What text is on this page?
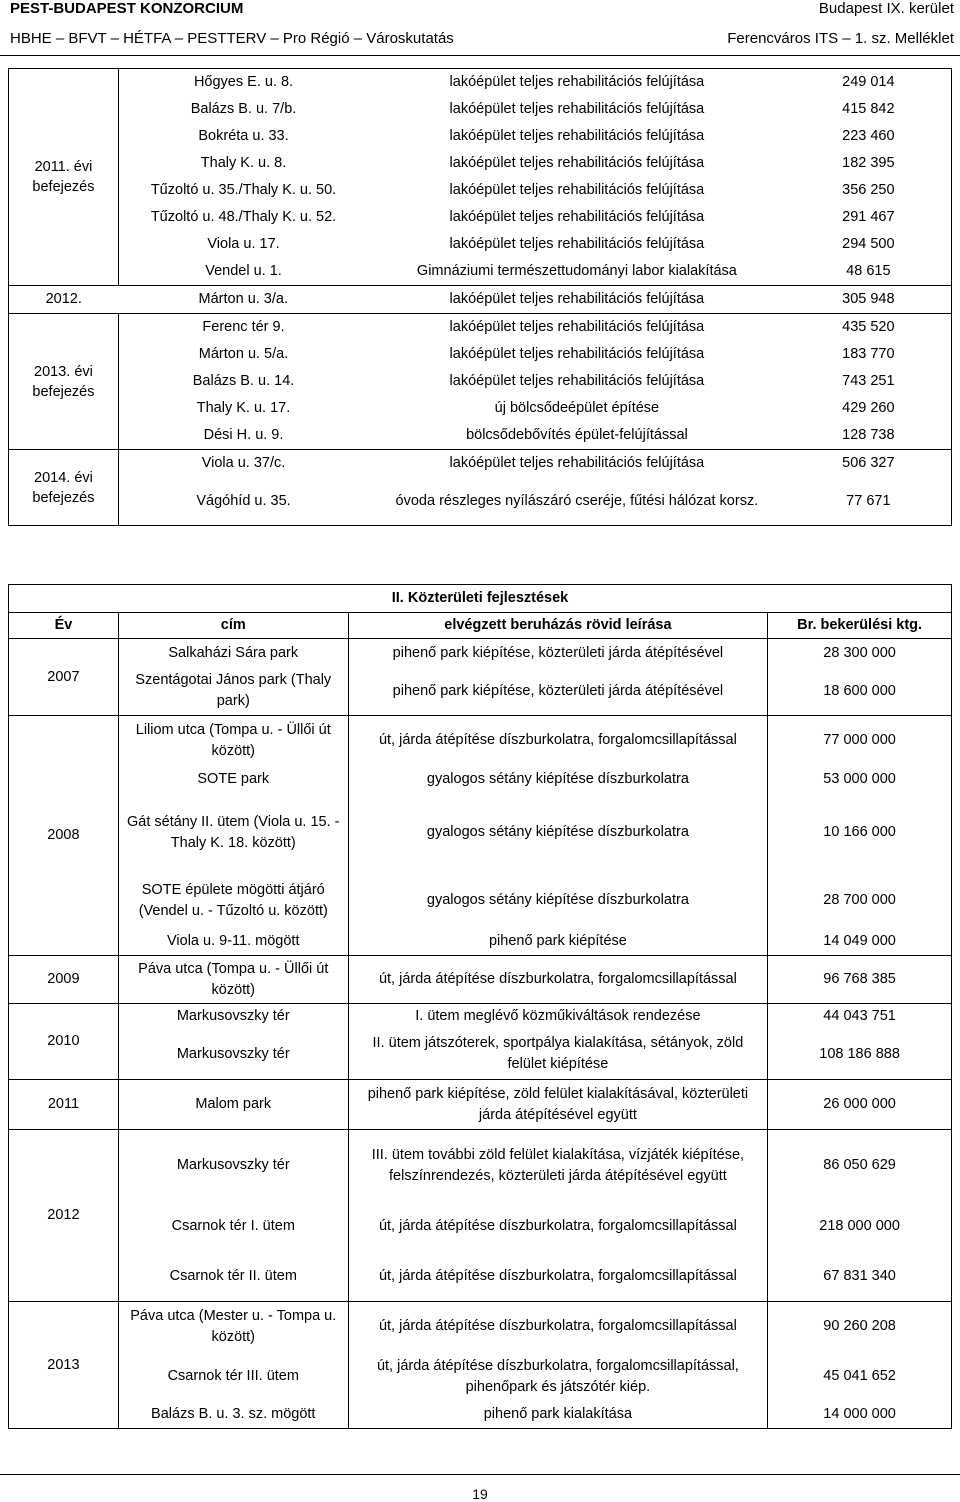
PEST-BUDAPEST KONZORCIUM	Budapest IX. kerület
HBHE – BFVT – HÉTFA – PESTTERV – Pro Régió – Városkutatás	Ferencváros ITS – 1. sz. Melléklet
2011. évi befejezés	Hőgyes E. u. 8.	lakóépület teljes rehabilitációs felújítása	249 014
	Balázs B. u. 7/b.	lakóépület teljes rehabilitációs felújítása	415 842
	Bokréta u. 33.	lakóépület teljes rehabilitációs felújítása	223 460
	Thaly K. u. 8.	lakóépület teljes rehabilitációs felújítása	182 395
	Tűzoltó u. 35./Thaly K. u. 50.	lakóépület teljes rehabilitációs felújítása	356 250
	Tűzoltó u. 48./Thaly K. u. 52.	lakóépület teljes rehabilitációs felújítása	291 467
	Viola u. 17.	lakóépület teljes rehabilitációs felújítása	294 500
	Vendel u. 1.	Gimnáziumi természettudományi labor kialakítása	48 615
2012.	Márton u. 3/a.	lakóépület teljes rehabilitációs felújítása	305 948
2013. évi befejezés	Ferenc tér 9.	lakóépület teljes rehabilitációs felújítása	435 520
	Márton u. 5/a.	lakóépület teljes rehabilitációs felújítása	183 770
	Balázs B. u. 14.	lakóépület teljes rehabilitációs felújítása	743 251
	Thaly K. u. 17.	új bölcsődeépület építése	429 260
	Dési H. u. 9.	bölcsődebővítés épület-felújítással	128 738
2014. évi befejezés	Viola u. 37/c.	lakóépület teljes rehabilitációs felújítása	506 327
	Vágóhíd u. 35.	óvoda részleges nyílászáró cseréje, fűtési hálózat korsz.	77 671
II. Közterületi fejlesztések			
Év	cím	elvégzett beruházás rövid leírása	Br. bekerülési ktg.
2007	Salkaházi Sára park	pihenő park kiépítése, közterületi járda átépítésével	28 300 000
	Szentágotai János park (Thaly park)	pihenő park kiépítése, közterületi járda átépítésével	18 600 000
2008	Liliom utca (Tompa u. - Üllői út között)	út, járda átépítése díszburkolatra, forgalomcsillapítással	77 000 000
	SOTE park	gyalogos sétány kiépítése díszburkolatra	53 000 000
	Gát sétány II. ütem (Viola u. 15. - Thaly K. 18. között)	gyalogos sétány kiépítése díszburkolatra	10 166 000
	SOTE épülete mögötti átjáró (Vendel u. - Tűzoltó u. között)	gyalogos sétány kiépítése díszburkolatra	28 700 000
	Viola u. 9-11. mögött	pihenő park kiépítése	14 049 000
2009	Páva utca (Tompa u. - Üllői út között)	út, járda átépítése díszburkolatra, forgalomcsillapítással	96 768 385
2010	Markusovszky tér	I. ütem meglévő közműkiváltások rendezése	44 043 751
	Markusovszky tér	II. ütem játszóterek, sportpálya kialakítása, sétányok, zöld felület kiépítése	108 186 888
2011	Malom park	pihenő park kiépítése, zöld felület kialakításával, közterületi járda átépítésével együtt	26 000 000
2012	Markusovszky tér	III. ütem további zöld felület kialakítása, vízjáték kiépítése, felszínrendezés, közterületi járda átépítésével együtt	86 050 629
	Csarnok tér I. ütem	út, járda átépítése díszburkolatra, forgalomcsillapítással	218 000 000
	Csarnok tér II. ütem	út, járda átépítése díszburkolatra, forgalomcsillapítással	67 831 340
2013	Páva utca (Mester u. - Tompa u. között)	út, járda átépítése díszburkolatra, forgalomcsillapítással	90 260 208
	Csarnok tér III. ütem	út, járda átépítése díszburkolatra, forgalomcsillapítással, pihenőpark és játszótér kiép.	45 041 652
	Balázs B. u. 3. sz. mögött	pihenő park kialakítása	14 000 000
19
